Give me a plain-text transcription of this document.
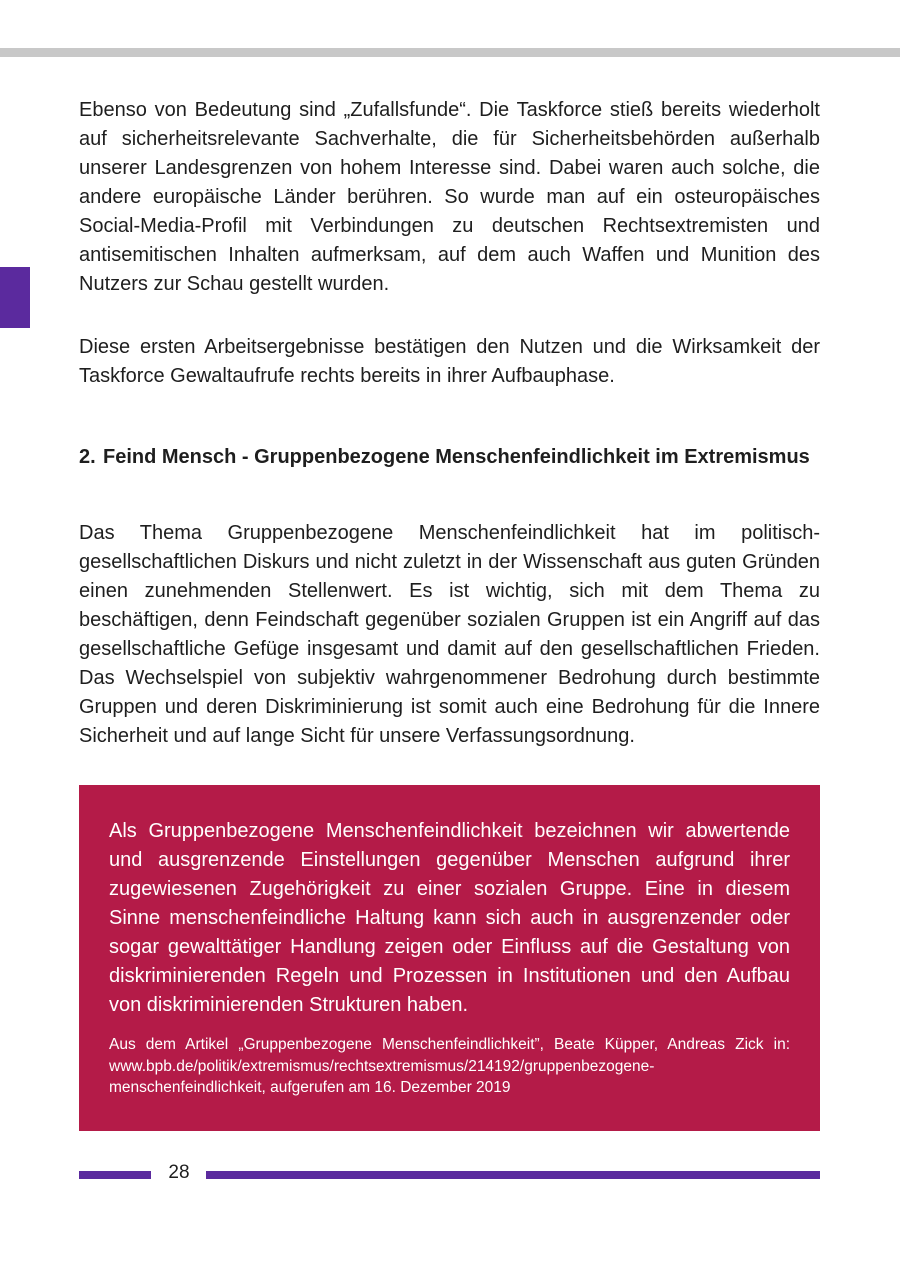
Ebenso von Bedeutung sind „Zufallsfunde“. Die Taskforce stieß bereits wiederholt auf sicherheitsrelevante Sachverhalte, die für Sicherheitsbehörden außerhalb unserer Landesgrenzen von hohem Interesse sind. Dabei waren auch solche, die andere europäische Länder berühren. So wurde man auf ein osteuropäisches Social-Media-Profil mit Verbindungen zu deutschen Rechtsextremisten und antisemitischen Inhalten aufmerksam, auf dem auch Waffen und Munition des Nutzers zur Schau gestellt wurden.

Diese ersten Arbeitsergebnisse bestätigen den Nutzen und die Wirksamkeit der Taskforce Gewaltaufrufe rechts bereits in ihrer Aufbauphase.

2. Feind Mensch - Gruppenbezogene Menschenfeindlichkeit im Extremismus

Das Thema Gruppenbezogene Menschenfeindlichkeit hat im politisch-gesellschaftlichen Diskurs und nicht zuletzt in der Wissenschaft aus guten Gründen einen zunehmenden Stellenwert. Es ist wichtig, sich mit dem Thema zu beschäftigen, denn Feindschaft gegenüber sozialen Gruppen ist ein Angriff auf das gesellschaftliche Gefüge insgesamt und damit auf den gesellschaftlichen Frieden. Das Wechselspiel von subjektiv wahrgenommener Bedrohung durch bestimmte Gruppen und deren Diskriminierung ist somit auch eine Bedrohung für die Innere Sicherheit und auf lange Sicht für unsere Verfassungsordnung.

Als Gruppenbezogene Menschenfeindlichkeit bezeichnen wir abwertende und ausgrenzende Einstellungen gegenüber Menschen aufgrund ihrer zugewiesenen Zugehörigkeit zu einer sozialen Gruppe. Eine in diesem Sinne menschenfeindliche Haltung kann sich auch in ausgrenzender oder sogar gewalttätiger Handlung zeigen oder Einfluss auf die Gestaltung von diskriminierenden Regeln und Prozessen in Institutionen und den Aufbau von diskriminierenden Strukturen haben.

Aus dem Artikel „Gruppenbezogene Menschenfeindlichkeit”, Beate Küpper, Andreas Zick in: www.bpb.de/politik/extremismus/rechtsextremismus/214192/gruppenbezogene-menschenfeindlichkeit, aufgerufen am 16. Dezember 2019

28
